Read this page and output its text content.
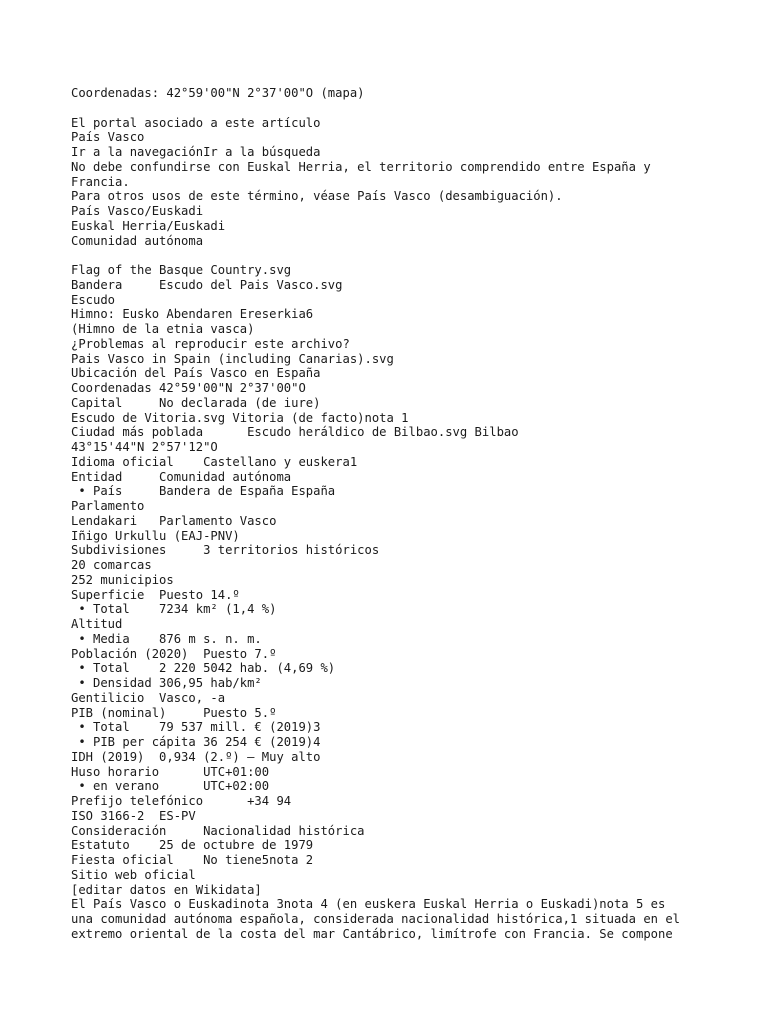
Coordenadas: 42°59'00"N 2°37'00"O (mapa)
El portal asociado a este artículo
País Vasco
Ir a la navegaciónIr a la búsqueda
No debe confundirse con Euskal Herria, el territorio comprendido entre España y
Francia.
Para otros usos de este término, véase País Vasco (desambiguación).
País Vasco/Euskadi
Euskal Herria/Euskadi
Comunidad autónoma
Flag of the Basque Country.svg
Bandera     Escudo del Pais Vasco.svg
Escudo
Himno: Eusko Abendaren Ereserkia6
(Himno de la etnia vasca)
¿Problemas al reproducir este archivo?
Pais Vasco in Spain (including Canarias).svg
Ubicación del País Vasco en España
Coordenadas 42°59'00"N 2°37'00"O
Capital     No declarada (de iure)
Escudo de Vitoria.svg Vitoria (de facto)nota 1
Ciudad más poblada      Escudo heráldico de Bilbao.svg Bilbao
43°15'44"N 2°57'12"O
Idioma oficial    Castellano y euskera1
Entidad     Comunidad autónoma
• País     Bandera de España España
Parlamento
Lendakari   Parlamento Vasco
Iñigo Urkullu (EAJ-PNV)
Subdivisiones     3 territorios históricos
20 comarcas
252 municipios
Superficie  Puesto 14.º
• Total    7234 km² (1,4 %)
Altitud
• Media    876 m s. n. m.
Población (2020)  Puesto 7.º
• Total    2 220 5042 hab. (4,69 %)
• Densidad 306,95 hab/km²
Gentilicio  Vasco, -a
PIB (nominal)     Puesto 5.º
• Total    79 537 mill. € (2019)3
• PIB per cápita 36 254 € (2019)4
IDH (2019)  0,934 (2.º) – Muy alto
Huso horario      UTC+01:00
• en verano      UTC+02:00
Prefijo telefónico      +34 94
ISO 3166-2  ES-PV
Consideración     Nacionalidad histórica
Estatuto    25 de octubre de 1979
Fiesta oficial    No tiene5nota 2
Sitio web oficial
[editar datos en Wikidata]
El País Vasco o Euskadinota 3nota 4 (en euskera Euskal Herria o Euskadi)nota 5 es
una comunidad autónoma española, considerada nacionalidad histórica,1 situada en el
extremo oriental de la costa del mar Cantábrico, limítrofe con Francia. Se compone
